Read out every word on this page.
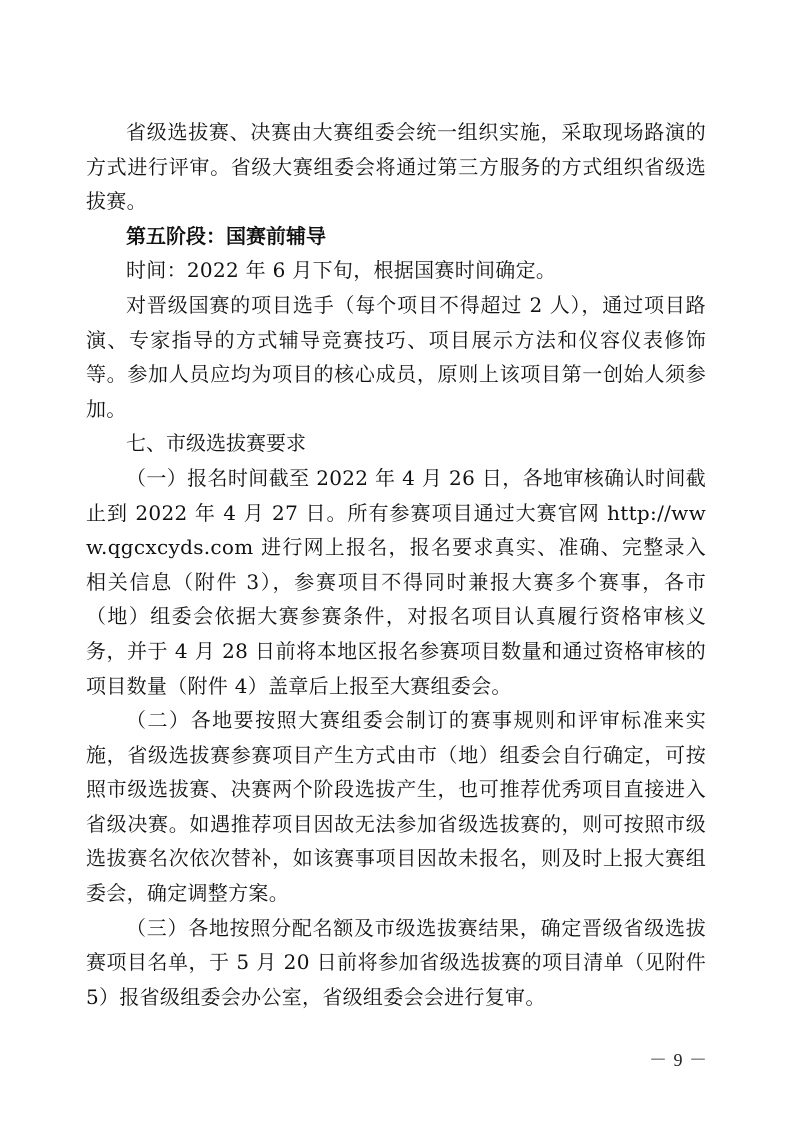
省级选拔赛、决赛由大赛组委会统一组织实施，采取现场路演的方式进行评审。省级大赛组委会将通过第三方服务的方式组织省级选拔赛。

第五阶段：国赛前辅导

时间：2022 年 6 月下旬，根据国赛时间确定。

对晋级国赛的项目选手（每个项目不得超过 2 人），通过项目路演、专家指导的方式辅导竞赛技巧、项目展示方法和仪容仪表修饰等。参加人员应均为项目的核心成员，原则上该项目第一创始人须参加。

七、市级选拔赛要求

（一）报名时间截至 2022 年 4 月 26 日，各地审核确认时间截止到 2022 年 4 月 27 日。所有参赛项目通过大赛官网 http://www.qgcxcyds.com 进行网上报名，报名要求真实、准确、完整录入相关信息（附件 3），参赛项目不得同时兼报大赛多个赛事，各市（地）组委会依据大赛参赛条件，对报名项目认真履行资格审核义务，并于 4 月 28 日前将本地区报名参赛项目数量和通过资格审核的项目数量（附件 4）盖章后上报至大赛组委会。

（二）各地要按照大赛组委会制订的赛事规则和评审标准来实施，省级选拔赛参赛项目产生方式由市（地）组委会自行确定，可按照市级选拔赛、决赛两个阶段选拔产生，也可推荐优秀项目直接进入省级决赛。如遇推荐项目因故无法参加省级选拔赛的，则可按照市级选拔赛名次依次替补，如该赛事项目因故未报名，则及时上报大赛组委会，确定调整方案。

（三）各地按照分配名额及市级选拔赛结果，确定晋级省级选拔赛项目名单，于 5 月 20 日前将参加省级选拔赛的项目清单（见附件 5）报省级组委会办公室，省级组委会会进行复审。

－ 9 －
